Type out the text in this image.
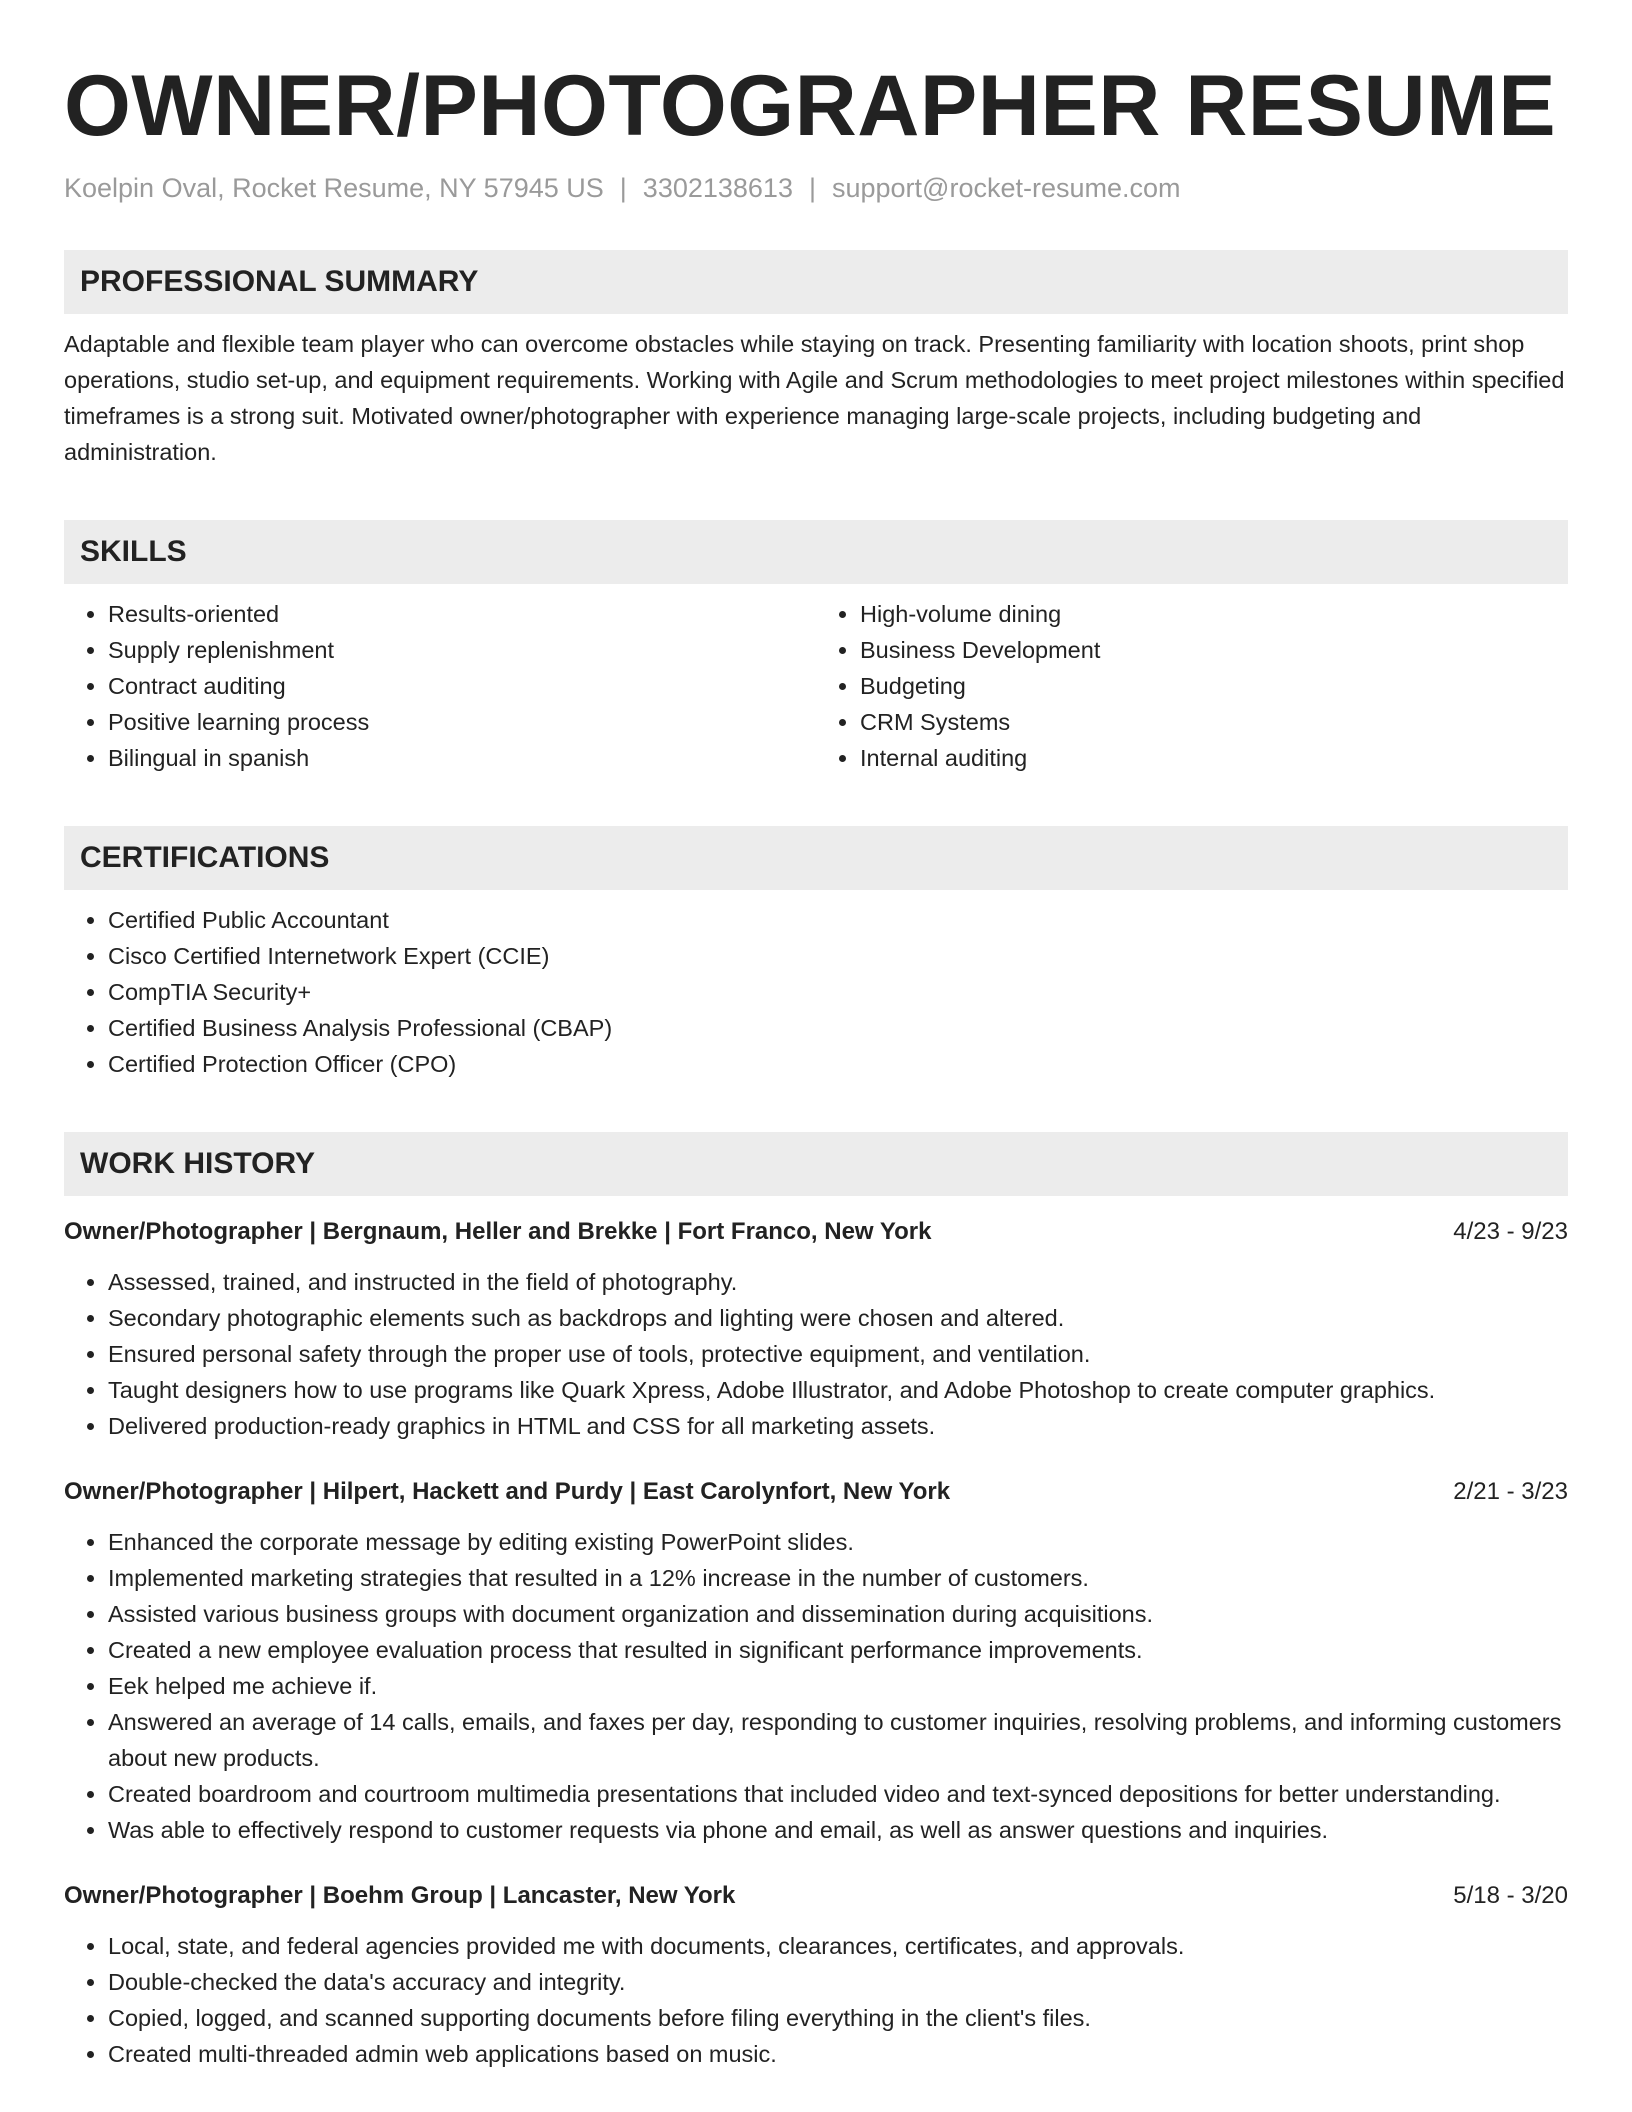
OWNER/PHOTOGRAPHER RESUME
Koelpin Oval, Rocket Resume, NY 57945 US | 3302138613 | support@rocket-resume.com
PROFESSIONAL SUMMARY
Adaptable and flexible team player who can overcome obstacles while staying on track. Presenting familiarity with location shoots, print shop operations, studio set-up, and equipment requirements. Working with Agile and Scrum methodologies to meet project milestones within specified timeframes is a strong suit. Motivated owner/photographer with experience managing large-scale projects, including budgeting and administration.
SKILLS
• Results-oriented
• Supply replenishment
• Contract auditing
• Positive learning process
• Bilingual in spanish
• High-volume dining
• Business Development
• Budgeting
• CRM Systems
• Internal auditing
CERTIFICATIONS
• Certified Public Accountant
• Cisco Certified Internetwork Expert (CCIE)
• CompTIA Security+
• Certified Business Analysis Professional (CBAP)
• Certified Protection Officer (CPO)
WORK HISTORY
Owner/Photographer | Bergnaum, Heller and Brekke | Fort Franco, New York	4/23 - 9/23
• Assessed, trained, and instructed in the field of photography.
• Secondary photographic elements such as backdrops and lighting were chosen and altered.
• Ensured personal safety through the proper use of tools, protective equipment, and ventilation.
• Taught designers how to use programs like Quark Xpress, Adobe Illustrator, and Adobe Photoshop to create computer graphics.
• Delivered production-ready graphics in HTML and CSS for all marketing assets.
Owner/Photographer | Hilpert, Hackett and Purdy | East Carolynfort, New York	2/21 - 3/23
• Enhanced the corporate message by editing existing PowerPoint slides.
• Implemented marketing strategies that resulted in a 12% increase in the number of customers.
• Assisted various business groups with document organization and dissemination during acquisitions.
• Created a new employee evaluation process that resulted in significant performance improvements.
• Eek helped me achieve if.
• Answered an average of 14 calls, emails, and faxes per day, responding to customer inquiries, resolving problems, and informing customers about new products.
• Created boardroom and courtroom multimedia presentations that included video and text-synced depositions for better understanding.
• Was able to effectively respond to customer requests via phone and email, as well as answer questions and inquiries.
Owner/Photographer | Boehm Group | Lancaster, New York	5/18 - 3/20
• Local, state, and federal agencies provided me with documents, clearances, certificates, and approvals.
• Double-checked the data's accuracy and integrity.
• Copied, logged, and scanned supporting documents before filing everything in the client's files.
• Created multi-threaded admin web applications based on music.
